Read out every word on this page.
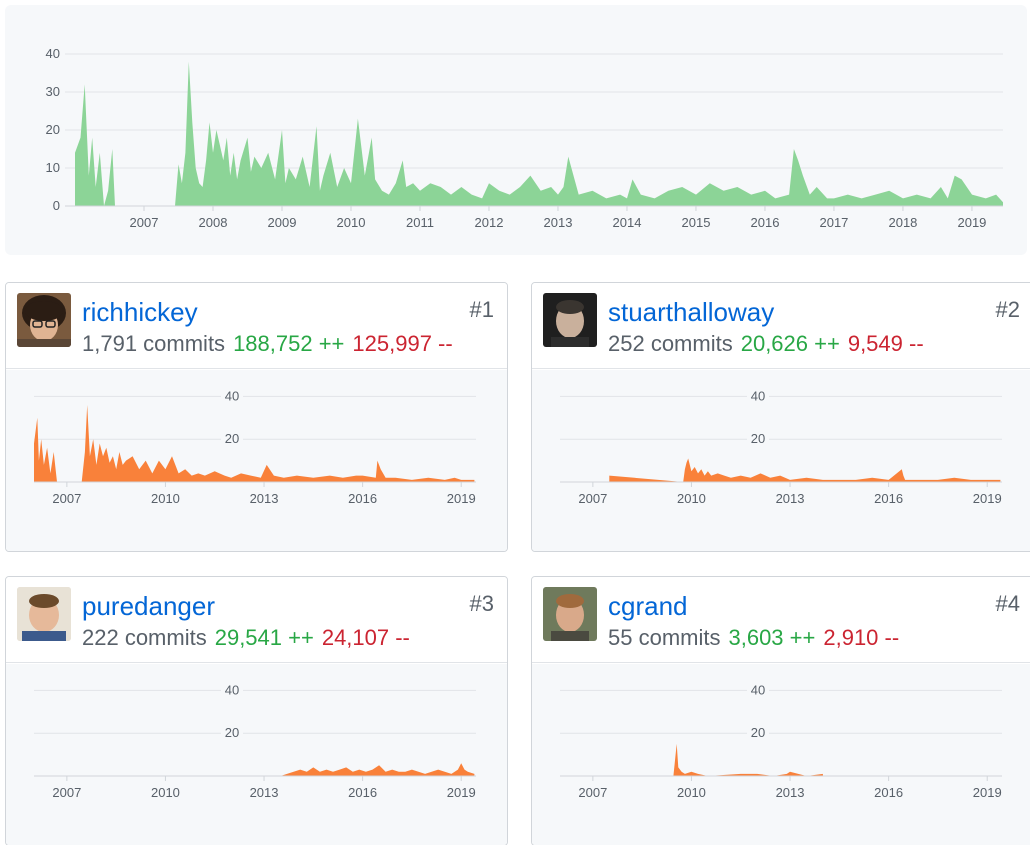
0
10
20
30
40
2007	2008	2009	2010	2011	2012	2013	2014	2015	2016	2017	2018	2019
richhickey
1,791 commits 188,752 ++ 125,997 --
#1
20
40
2007	2010	2013	2016	2019
stuarthalloway
252 commits 20,626 ++ 9,549 --
#2
20
40
2007	2010	2013	2016	2019
puredanger
222 commits 29,541 ++ 24,107 --
#3
20
40
2007	2010	2013	2016	2019
cgrand
55 commits 3,603 ++ 2,910 --
#4
20
40
2007	2010	2013	2016	2019
